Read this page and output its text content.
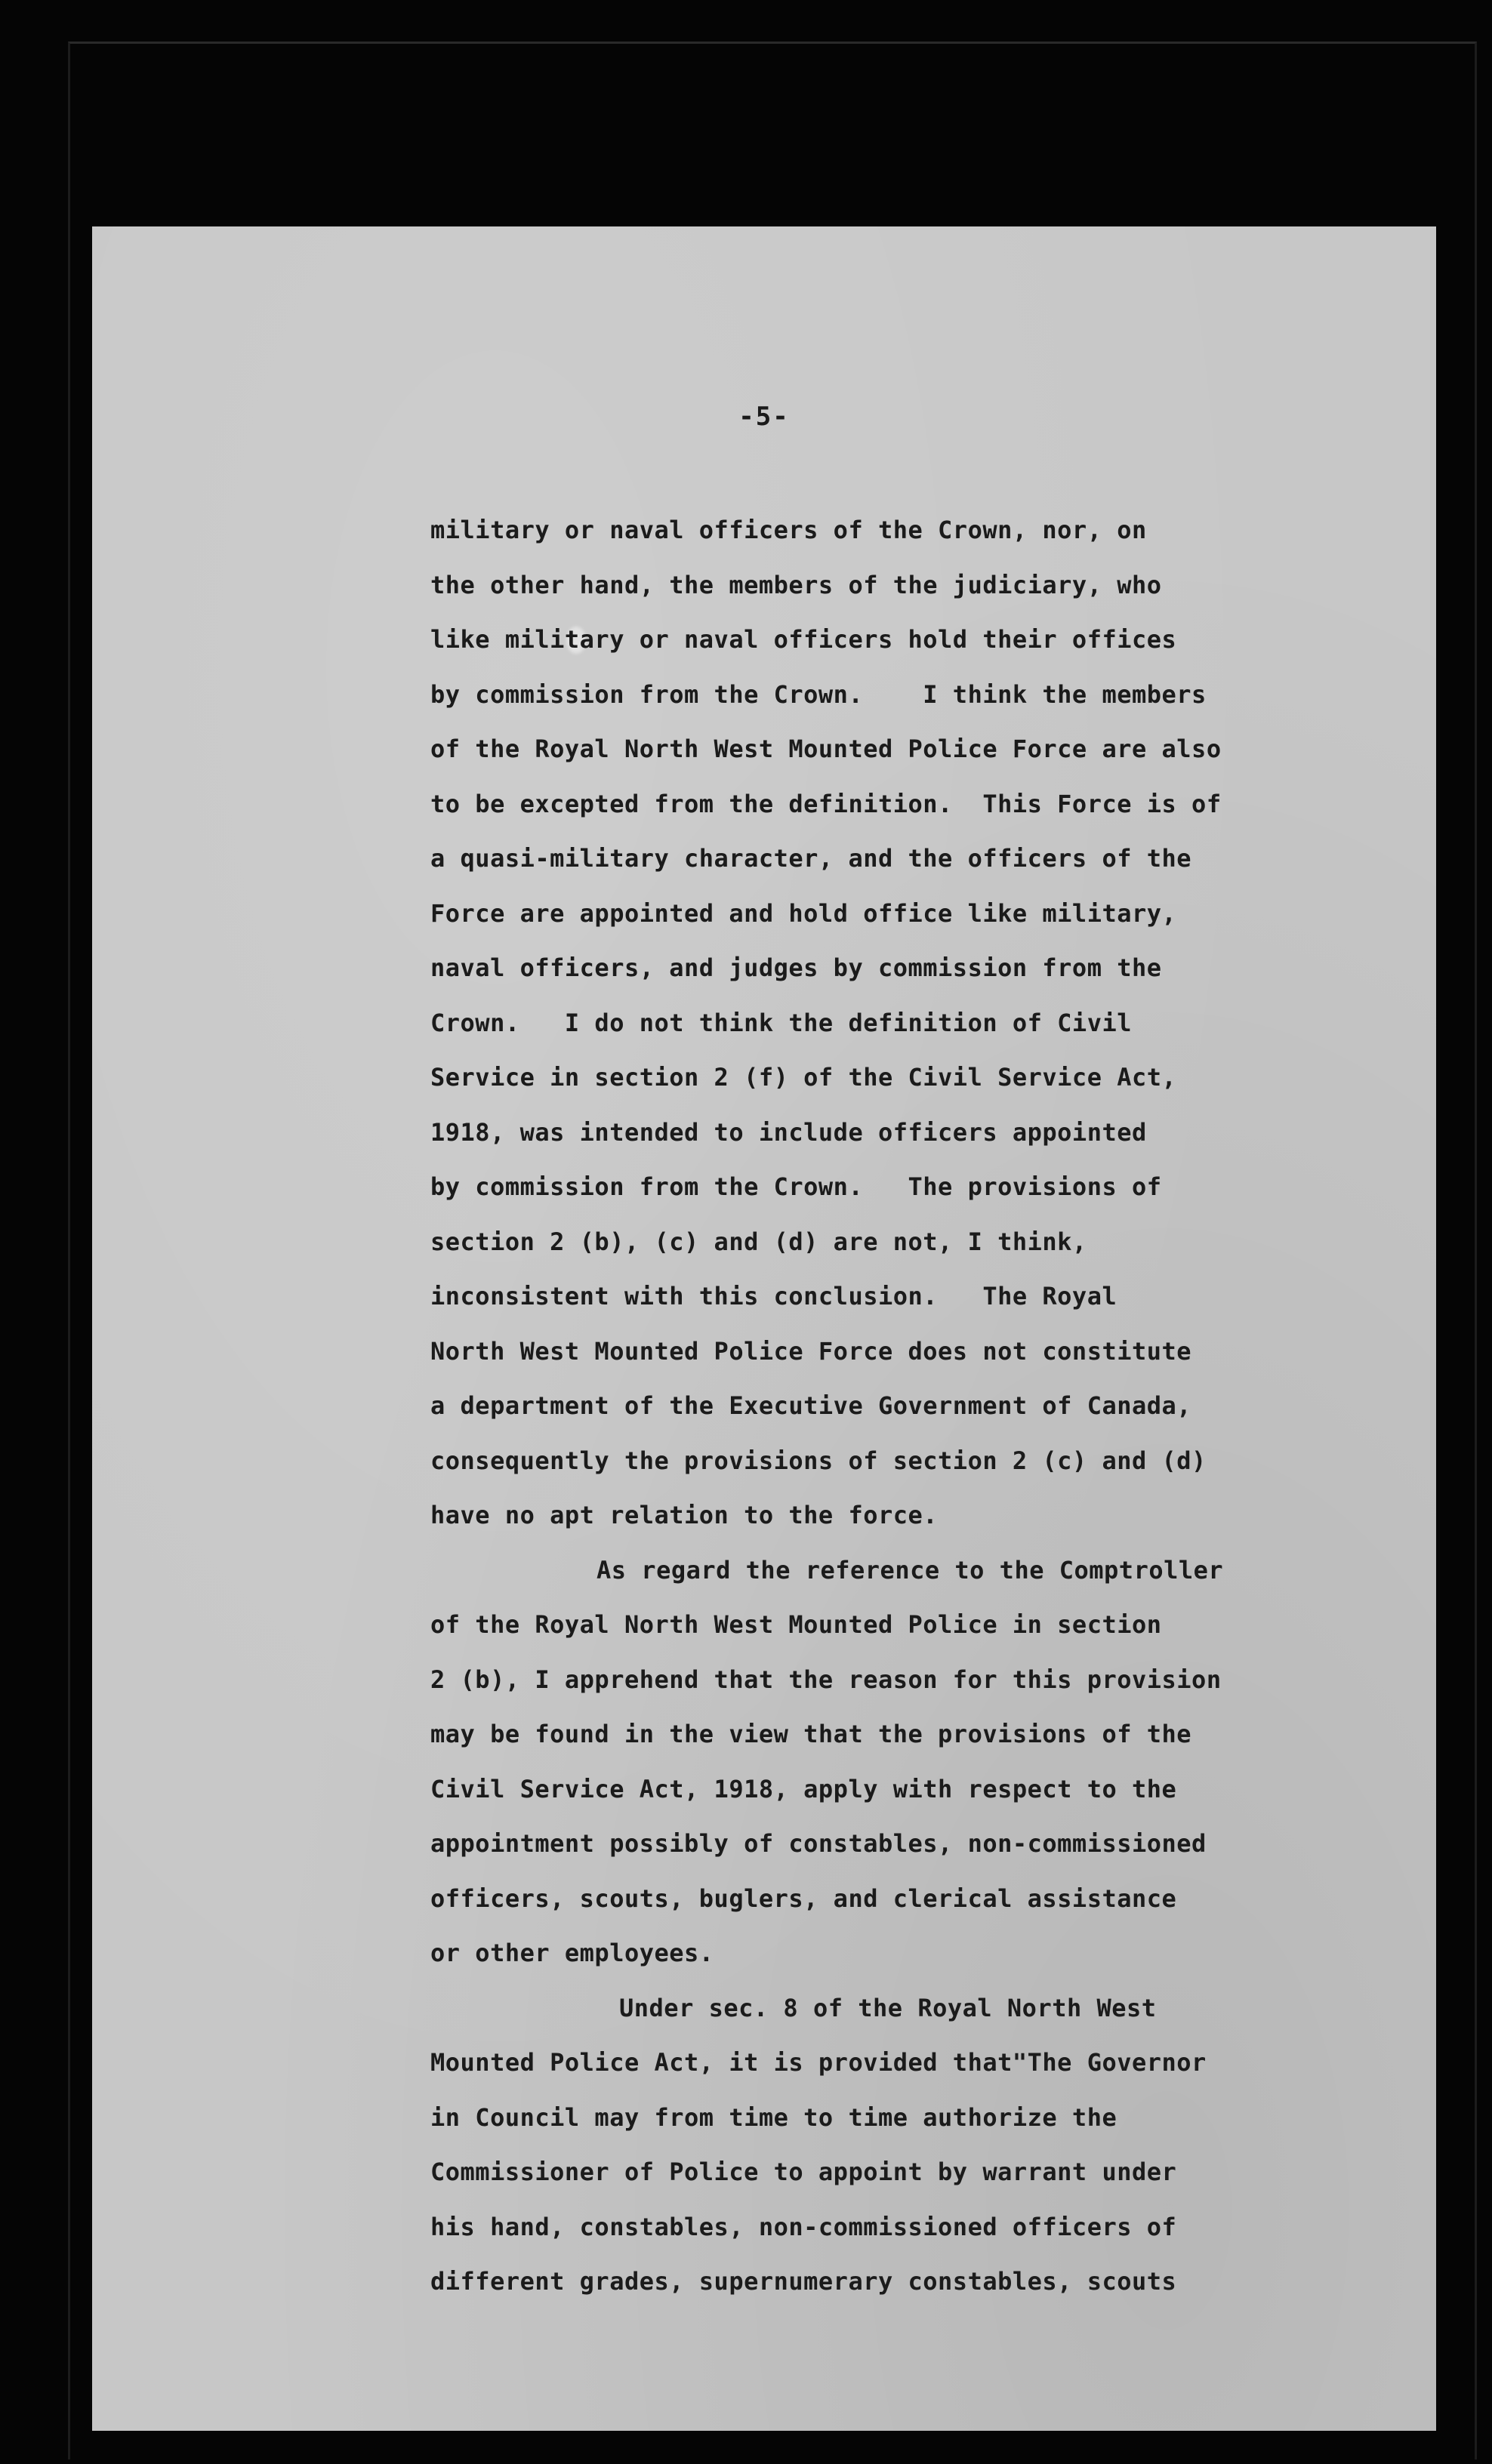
-5-
military or naval officers of the Crown, nor, on
the other hand, the members of the judiciary, who
like military or naval officers hold their offices
by commission from the Crown.    I think the members
of the Royal North West Mounted Police Force are also
to be excepted from the definition.  This Force is of
a quasi-military character, and the officers of the
Force are appointed and hold office like military,
naval officers, and judges by commission from the
Crown.   I do not think the definition of Civil
Service in section 2 (f) of the Civil Service Act,
1918, was intended to include officers appointed
by commission from the Crown.   The provisions of
section 2 (b), (c) and (d) are not, I think,
inconsistent with this conclusion.   The Royal
North West Mounted Police Force does not constitute
a department of the Executive Government of Canada,
consequently the provisions of section 2 (c) and (d)
have no apt relation to the force.
As regard the reference to the Comptroller
of the Royal North West Mounted Police in section
2 (b), I apprehend that the reason for this provision
may be found in the view that the provisions of the
Civil Service Act, 1918, apply with respect to the
appointment possibly of constables, non-commissioned
officers, scouts, buglers, and clerical assistance
or other employees.
Under sec. 8 of the Royal North West
Mounted Police Act, it is provided that"The Governor
in Council may from time to time authorize the
Commissioner of Police to appoint by warrant under
his hand, constables, non-commissioned officers of
different grades, supernumerary constables, scouts
